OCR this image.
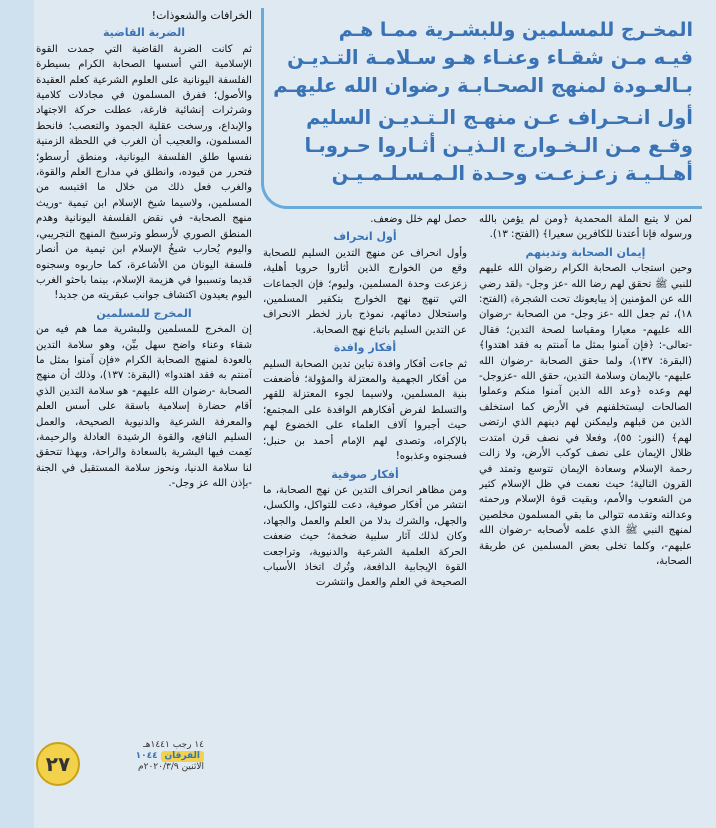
المخـرج للمسلمين وللبشـرية ممـا هـم
فيـه مـن شقـاء وعنـاء هـو سـلامـة التـديـن
بـالعـودة لمنهج الصحـابـة رضوان الله عليهـم
أول انـحـراف عـن منهـج الـتـديـن السليم
وقـع مـن الـخـوارج الـذيـن أثـاروا حـروبـا
أهـلـيـة زعـزعـت وحـدة الـمـسـلـمـيـن

لمن لا يتبع الملة المحمدية ﴿ومن لم يؤمن بالله ورسوله فإنا أعتدنا للكافرين سعيرا﴾ (الفتح: ١٣).

إيمان الصحابة وتدينهم

وحين استجاب الصحابة الكرام رضوان الله عليهم للنبي ﷺ تحقق لهم رضا الله -عز وجل- ﴿لقد رضي الله عن المؤمنين إذ يبايعونك تحت الشجرة﴾ (الفتح: ١٨)، ثم جعل الله -عز وجل- من الصحابة -رضوان الله عليهم- معيارا ومقياسا لصحة التدين؛ فقال -تعالى-: ﴿فإن آمنوا بمثل ما آمنتم به فقد اهتدوا﴾ (البقرة: ١٣٧)، ولما حقق الصحابة -رضوان الله عليهم- بالإيمان وسلامة التدين، حقق الله -عزوجل- لهم وعده ﴿وعد الله الذين آمنوا منكم وعملوا الصالحات ليستخلفنهم في الأرض كما استخلف الذين من قبلهم وليمكنن لهم دينهم الذي ارتضى لهم﴾ (النور: ٥٥)، وفعلا في نصف قرن امتدت ظلال الإيمان على نصف كوكب الأرض، ولا زالت رحمة الإسلام وسعادة الإيمان تتوسع وتمتد في القرون التالية؛ حيث نعمت في ظل الإسلام كثير من الشعوب والأمم، وبقيت قوة الإسلام ورحمته وعدالته وتقدمه تتوالى ما بقي المسلمون مخلصين لمنهج النبي ﷺ الذي علمه لأصحابه -رضوان الله عليهم-، وكلما تخلى بعض المسلمين عن طريقة الصحابة،

حصل لهم خلل وضعف.

أول انحراف

وأول انحراف عن منهج التدين السليم للصحابة وقع من الخوارج الذين أثاروا حروبا أهلية، زعزعت وحدة المسلمين، وليوم؛ فإن الجماعات التي تنهج نهج الخوارج بتكفير المسلمين، واستحلال دمائهم، نموذج بارز لخطر الانحراف عن التدين السليم باتباع نهج الصحابة.

أفكار وافدة

ثم جاءت أفكار وافدة تباين تدين الصحابة السليم من أفكار الجهمية والمعتزلة والمؤولة؛ فأضعفت بنية المسلمين، ولاسيما لجوء المعتزلة للقهر والتسلط لفرض أفكارهم الوافدة على المجتمع؛ حيث أجبروا آلاف العلماء على الخضوع لهم بالإكراه، وتصدى لهم الإمام أحمد بن حنبل؛ فسجنوه وعذبوه!

أفكار صوفية

ومن مظاهر انحراف التدين عن نهج الصحابة، ما انتشر من أفكار صوفية، دعت للتواكل، والكسل، والجهل، والشرك بدلا من العلم والعمل والجهاد، وكان لذلك آثار سلبية ضخمة؛ حيث ضعفت الحركة العلمية الشرعية والدنيوية، وتراجعت القوة الإيجابية الدافعة، وتُرك اتخاذ الأسباب الصحيحة في العلم والعمل وانتشرت

الخرافات والشعوذات!
الضربة القاضية

ثم كانت الضربة القاضية التي جمدت القوة الإسلامية التي أسسها الصحابة الكرام بسيطرة الفلسفة اليونانية على العلوم الشرعية كعلم العقيدة والأصول؛ ففرق المسلمون في مجادلات كلامية وشرثرات إنشائية فارغة، عطلت حركة الاجتهاد والإبداع، ورسخت عقلية الجمود والتعصب؛ فانحط المسلمون، والعجيب أن الغرب في اللحظة الزمنية نفسها طلق الفلسفة اليونانية، ومنطق أرسطو؛ فتحرر من قيوده، وانطلق في مدارج العلم والقوة، والغرب فعل ذلك من خلال ما اقتبسه من المسلمين، ولاسيما شيخ الإسلام ابن تيمية -وريث منهج الصحابة- في نقض الفلسفة اليونانية وهدم المنطق الصوري لأرسطو وترسيخ المنهج التجريبي، واليوم يُحارب شيخُ الإسلام ابن تيمية من أنصار فلسفة اليونان من الأشاعرة، كما حاربوه وسجنوه قديما وتسببوا في هزيمة الإسلام، بينما باحثو الغرب اليوم يعيدون اكتشاف جوانب عبقريته من جديد!

المخرج للمسلمين

إن المخرج للمسلمين وللبشرية مما هم فيه من شقاء وعناء واضح سهل بيِّن، وهو سلامة التدين بالعودة لمنهج الصحابة الكرام «فإن آمنوا بمثل ما آمنتم به فقد اهتدوا» (البقرة: ١٣٧)، وذلك أن منهج الصحابة -رضوان الله عليهم- هو سلامة التدين الذي أقام حضارة إسلامية باسقة على أسس العلم والمعرفة الشرعية والدنيوية الصحيحة، والعمل السليم النافع، والقوة الرشيدة العادلة والرحيمة، نَعِمت فيها البشرية بالسعادة والراحة، وبهذا تتحقق لنا سلامة الدنيا، ونحوز سلامة المستقبل في الجنة -بإذن الله عز وجل-.

٢٧
١٤ رجب ١٤٤١هـ
الفرقان ١٠٤٤
الاثنين ٢٠٢٠/٣/٩م
